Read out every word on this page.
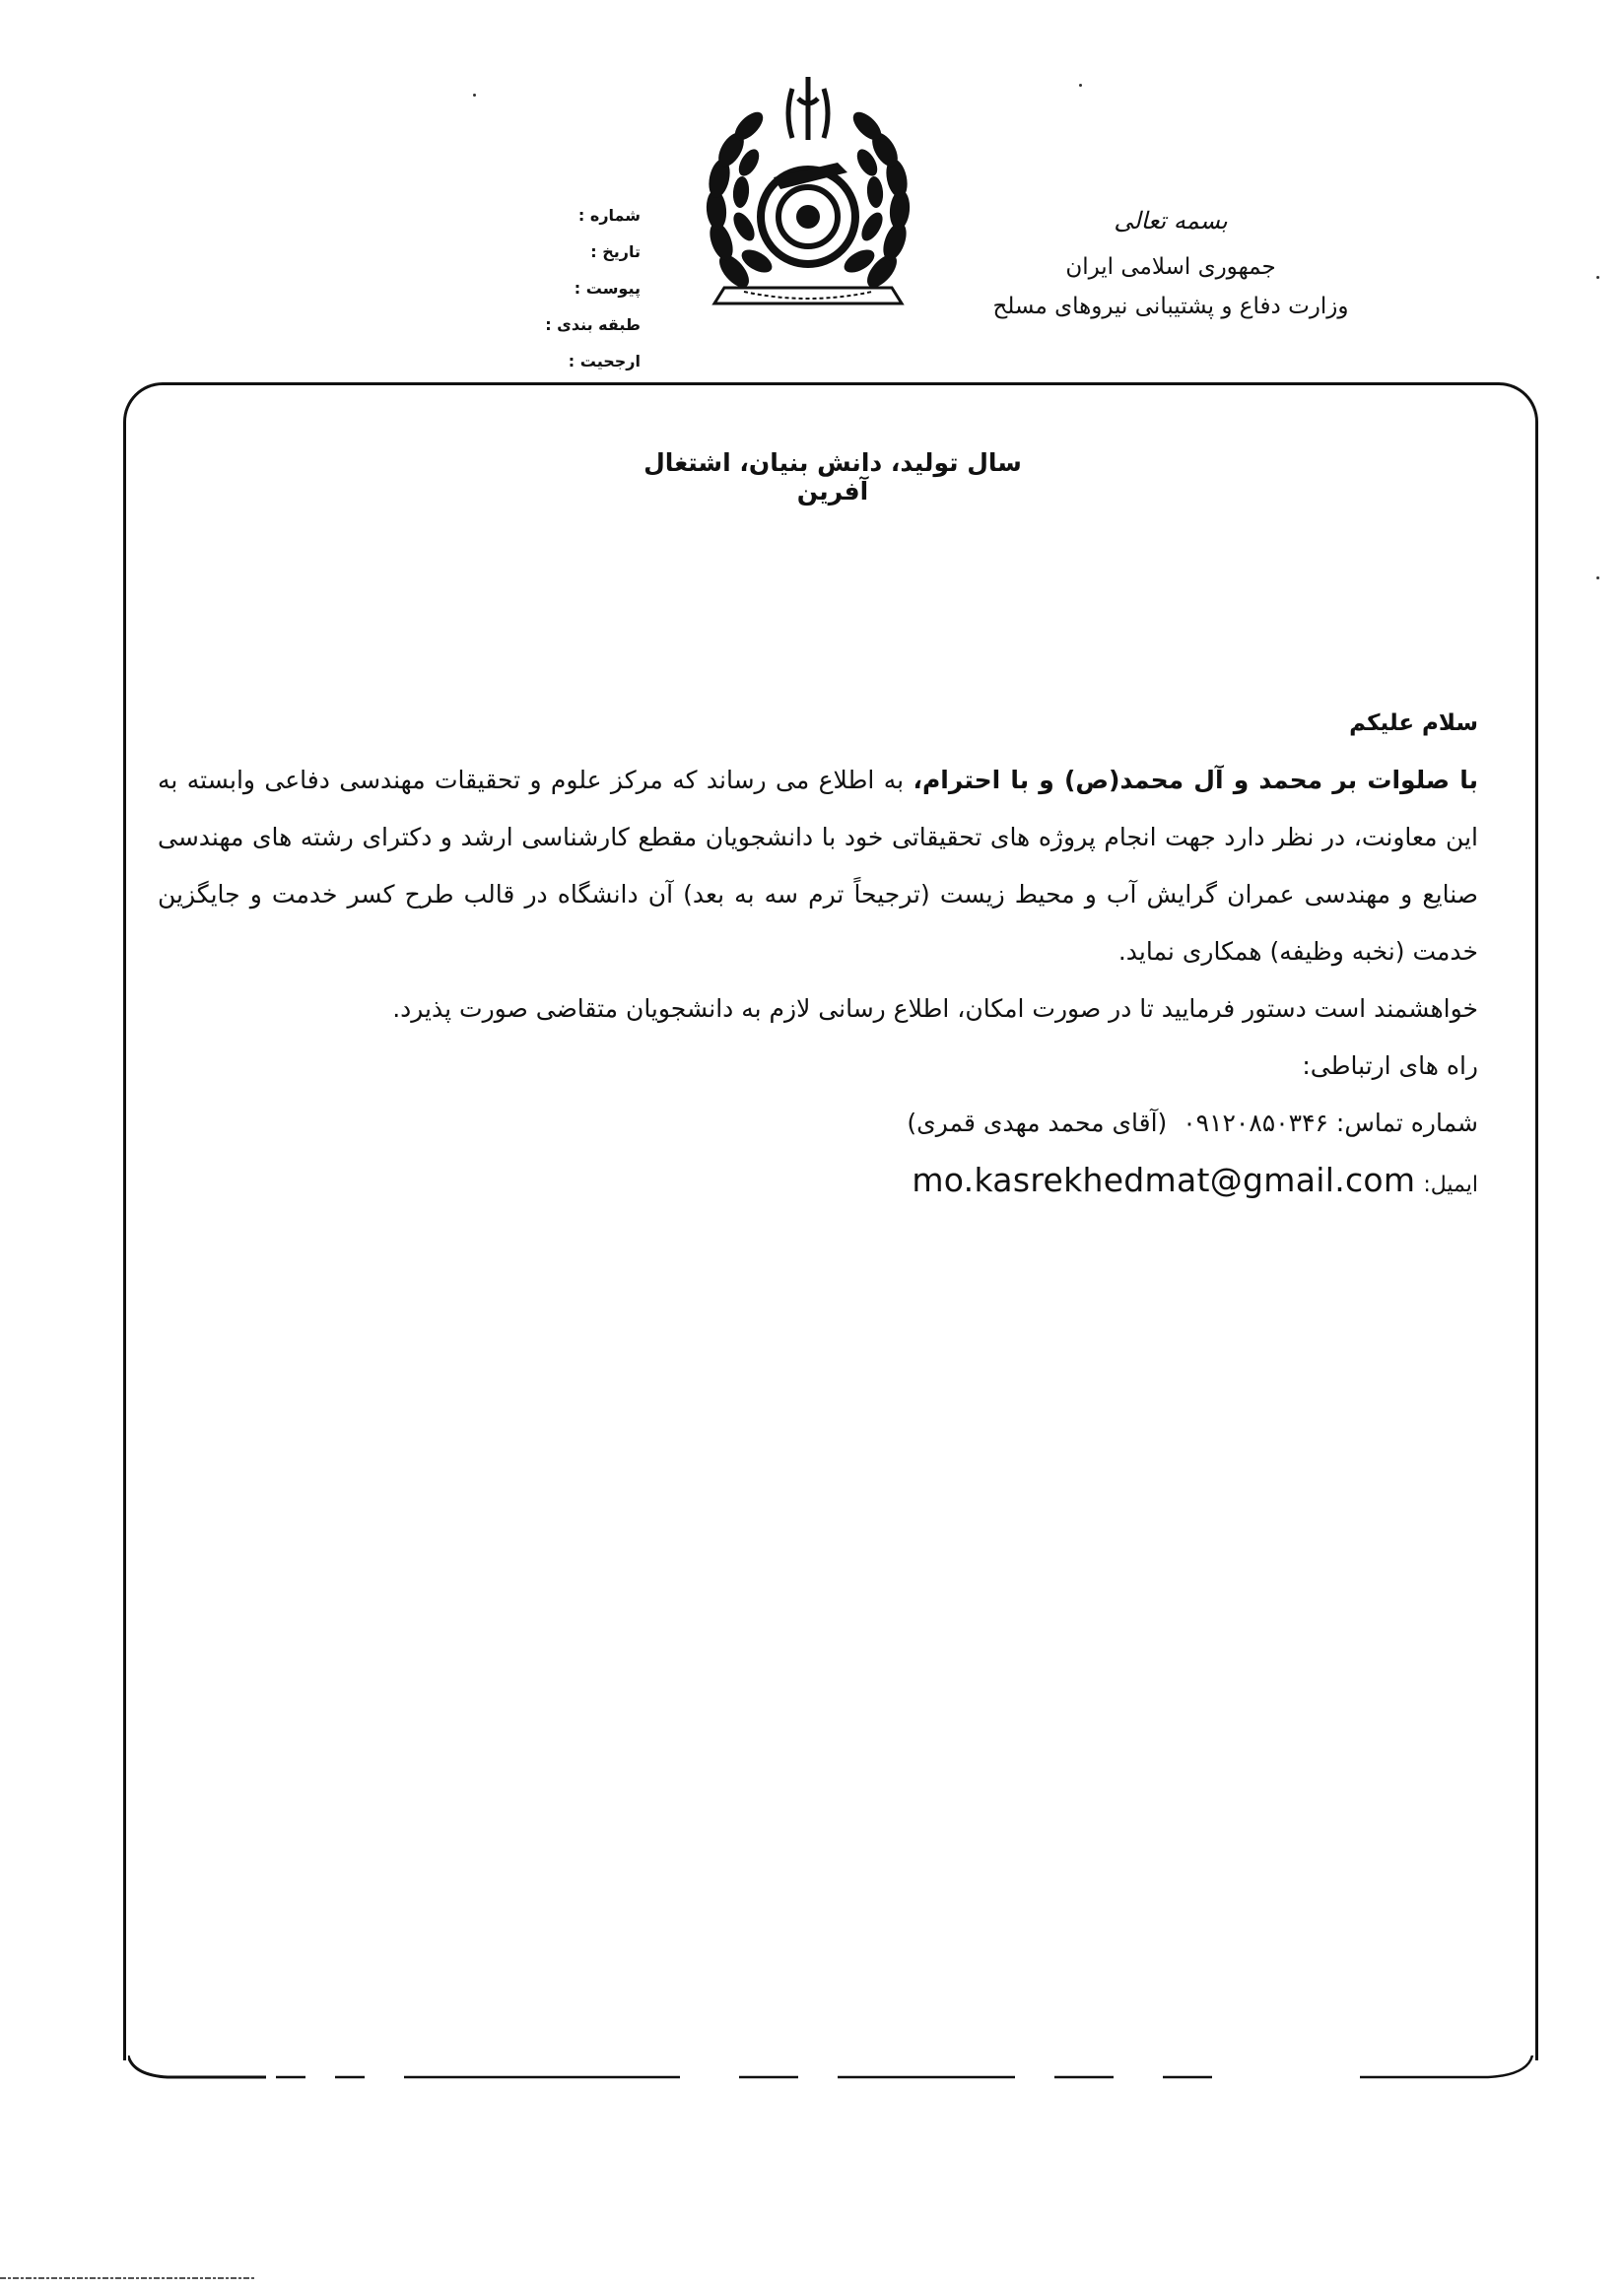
بسمه تعالی
جمهوری اسلامی ایران
وزارت دفاع و پشتیبانی نیروهای مسلح
شماره :
تاریخ :
پیوست :
طبقه بندی :
ارجحیت :
سال تولید، دانش بنیان، اشتغال آفرین

سلام علیکم

با صلوات بر محمد و آل محمد(ص) و با احترام، به اطلاع می رساند که مرکز علوم و تحقیقات مهندسی دفاعی وابسته به این معاونت، در نظر دارد جهت انجام پروژه های تحقیقاتی خود با دانشجویان مقطع کارشناسی ارشد و دکترای رشته های مهندسی صنایع و مهندسی عمران گرایش آب و محیط زیست (ترجیحاً ترم سه به بعد) آن دانشگاه در قالب طرح کسر خدمت و جایگزین خدمت (نخبه وظیفه) همکاری نماید.

خواهشمند است دستور فرمایید تا در صورت امکان، اطلاع رسانی لازم به دانشجویان متقاضی صورت پذیرد.

راه های ارتباطی:

شماره تماس: ۰۹۱۲۰۸۵۰۳۴۶  (آقای محمد مهدی قمری)

ایمیل: mo.kasrekhedmat@gmail.com
